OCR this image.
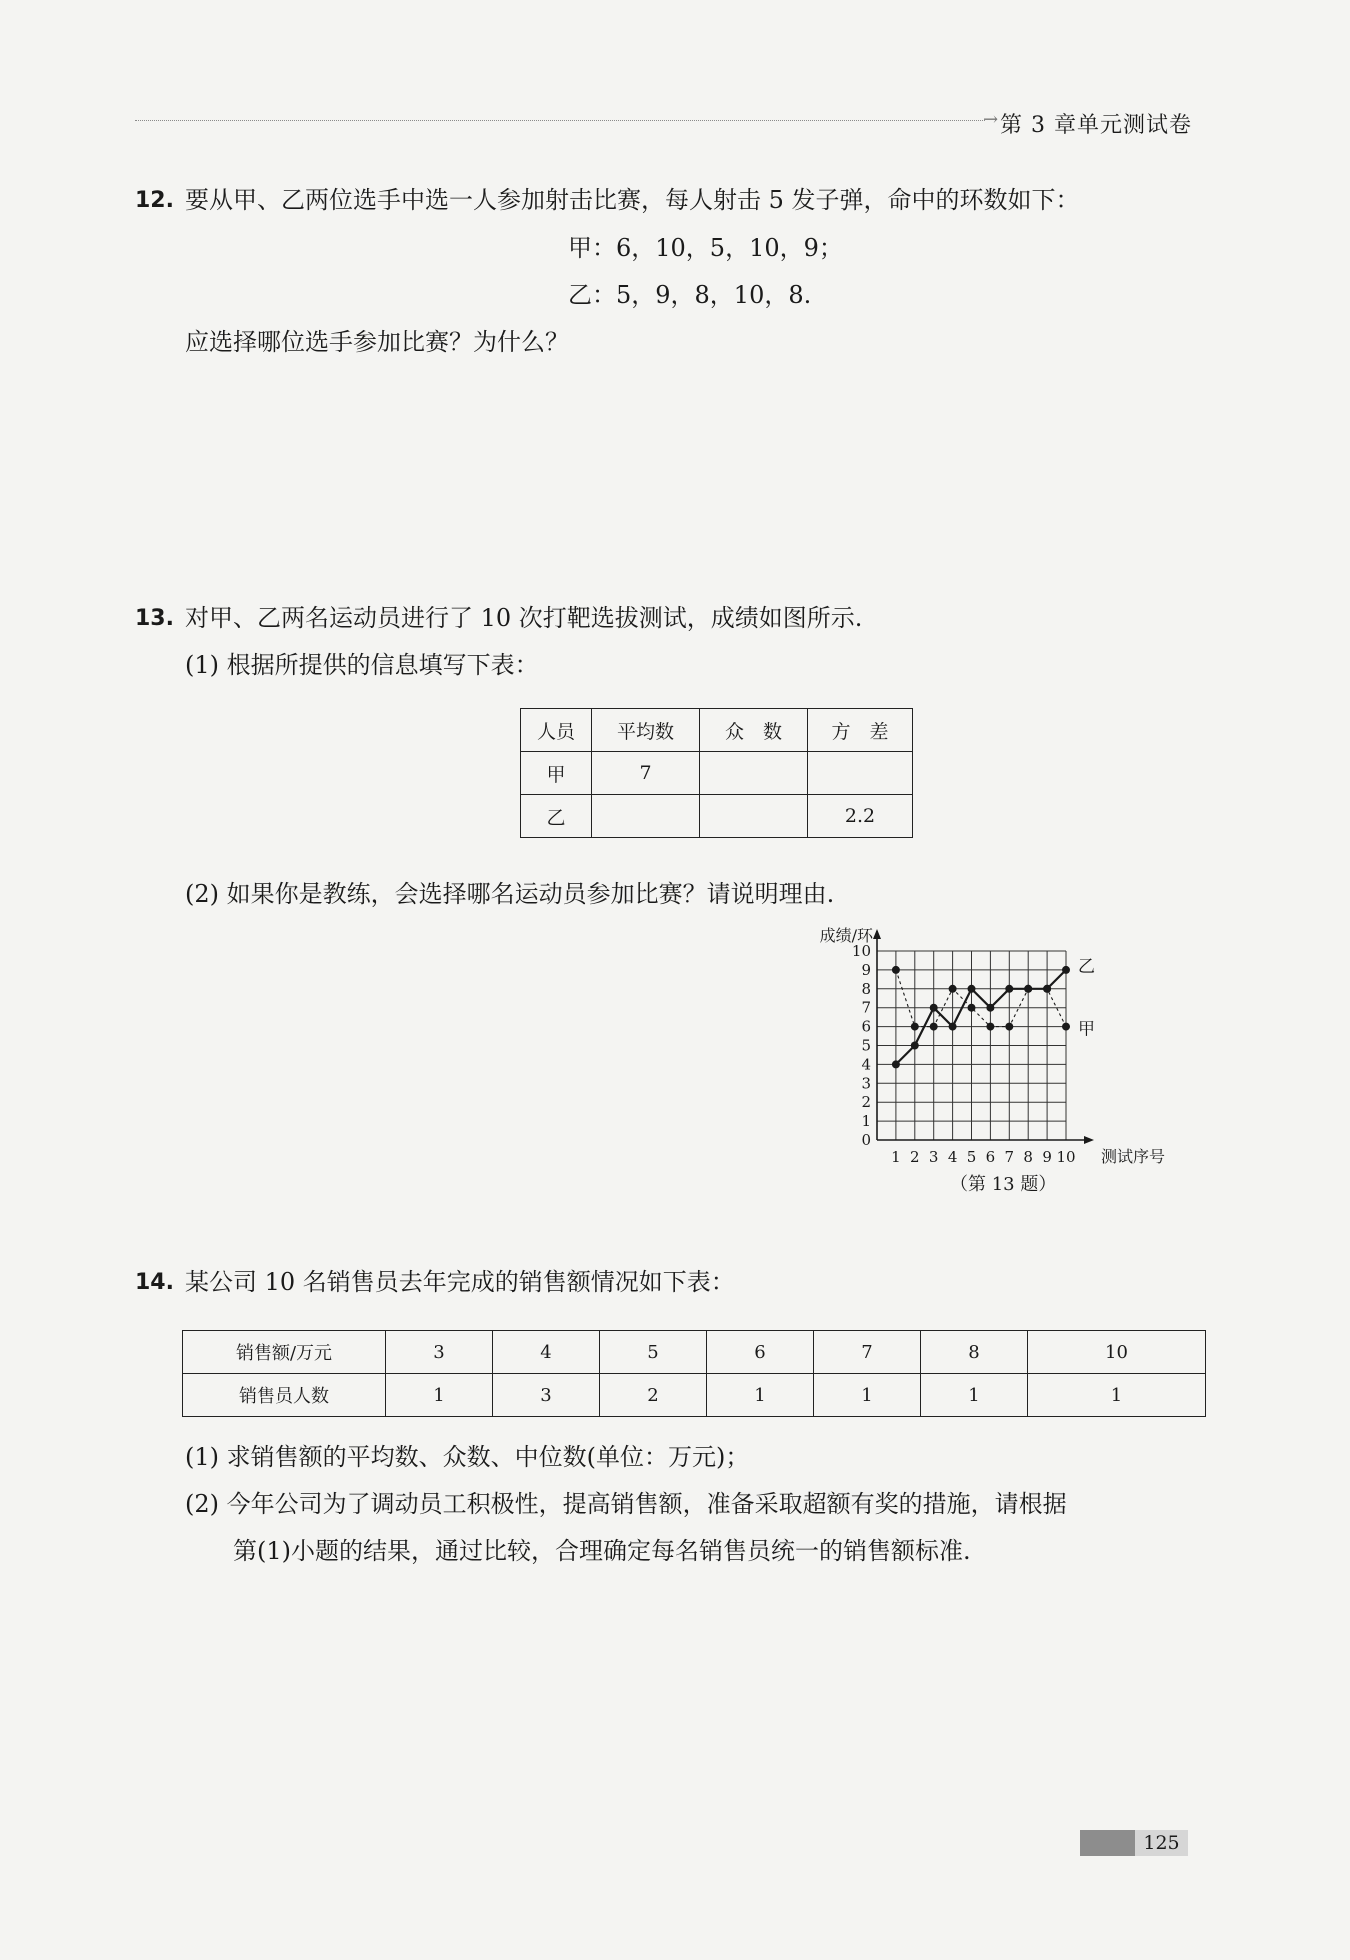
→ 第 3 章单元测试卷
12. 要从甲、乙两位选手中选一人参加射击比赛，每人射击 5 发子弹，命中的环数如下：
甲：6，10，5，10，9；
乙：5，9，8，10，8.
应选择哪位选手参加比赛？为什么？
13. 对甲、乙两名运动员进行了 10 次打靶选拔测试，成绩如图所示.
(1) 根据所提供的信息填写下表：
人员	平均数	众　数	方　差
甲	7		
乙			2.2
(2) 如果你是教练，会选择哪名运动员参加比赛？请说明理由.
0
1
2
3
4
5
6
7
8
9
10
1 2 3 4 5 6 7 8 9 10
成绩/环
测试序号
乙
甲
（第 13 题）
14. 某公司 10 名销售员去年完成的销售额情况如下表：
销售额/万元	3	4	5	6	7	8	10
销售员人数	1	3	2	1	1	1	1
(1) 求销售额的平均数、众数、中位数(单位：万元)；
(2) 今年公司为了调动员工积极性，提高销售额，准备采取超额有奖的措施，请根据
第(1)小题的结果，通过比较，合理确定每名销售员统一的销售额标准.
125
